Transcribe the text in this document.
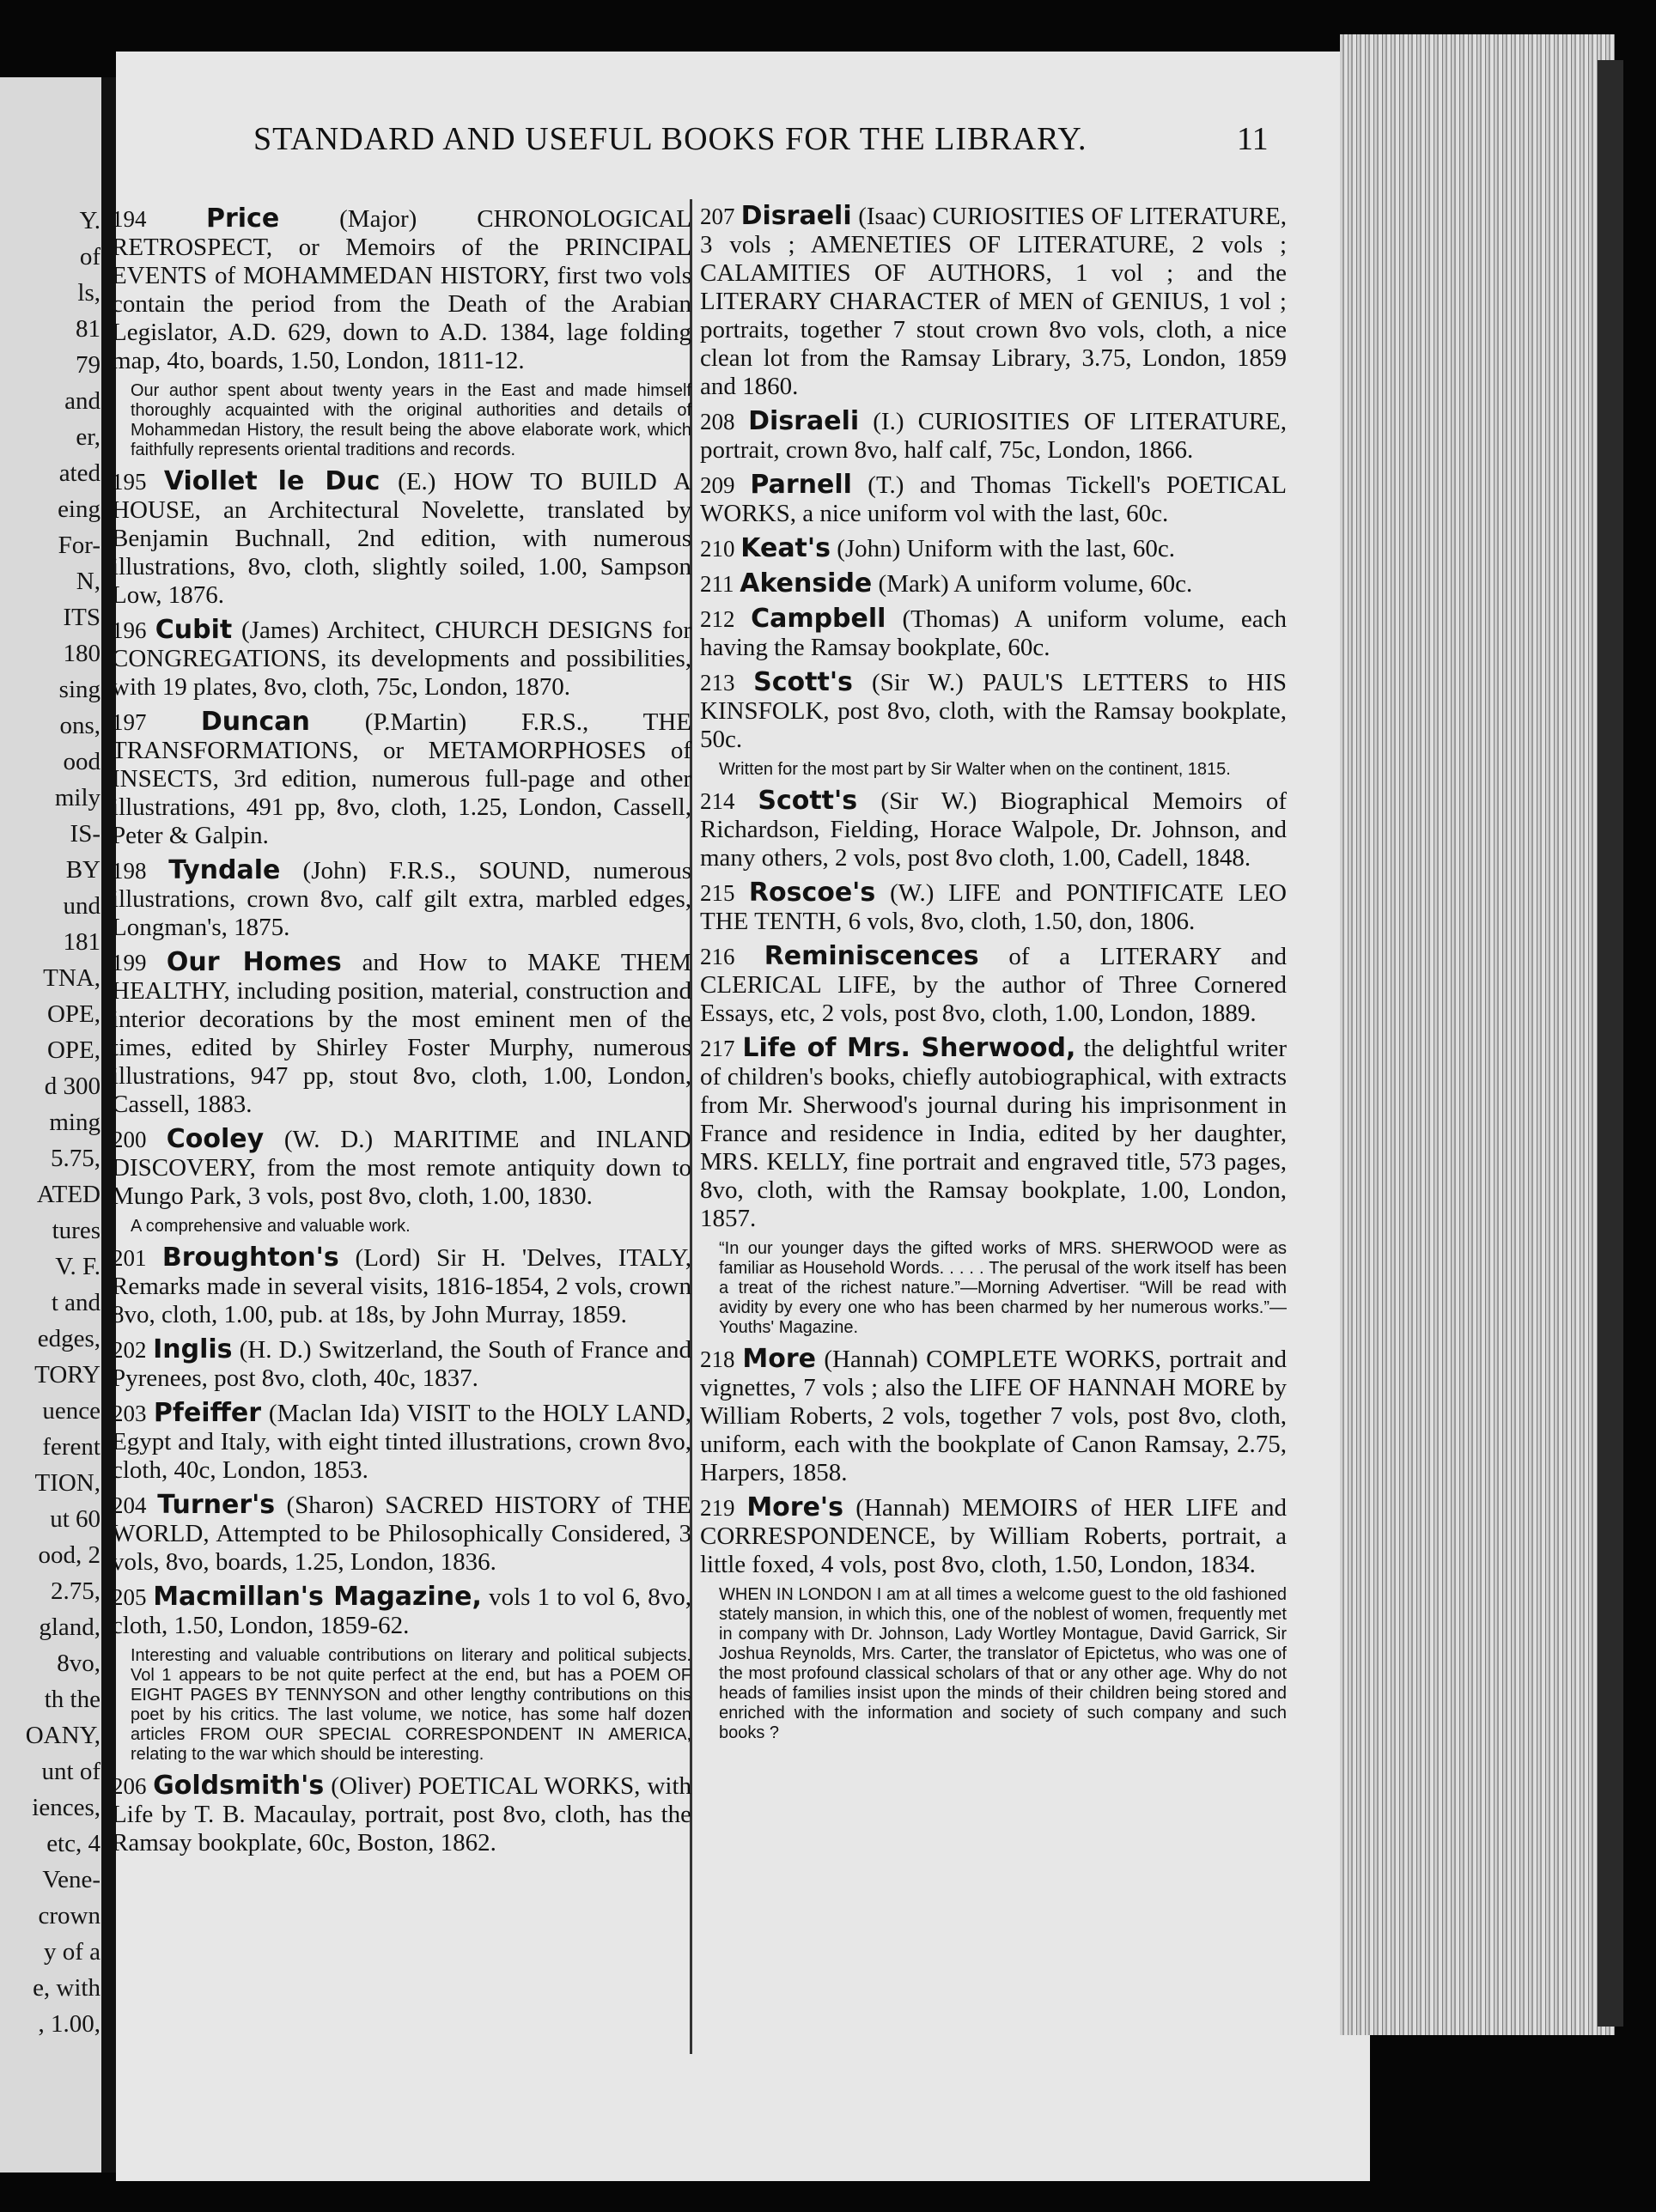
Y.
of
ls,
81
79
and
er,
ated
eing
For-
N,
ITS
180
sing
ons,
ood
mily
IS-
BY
und
181
TNA,
OPE,
OPE,
d 300
ming
5.75,
ATED
tures
V. F.
t and
edges,
TORY
uence
ferent
TION,
ut 60
ood, 2
2.75,
gland,
8vo,
th the
OANY,
unt of
iences,
etc, 4
Vene-
crown
y of a
e, with
, 1.00,
STANDARD AND USEFUL BOOKS FOR THE LIBRARY.	11

194 Price (Major) CHRONOLOGICAL RETROSPECT, or Memoirs of the PRINCIPAL EVENTS of MOHAMMEDAN HISTORY, first two vols contain the period from the Death of the Arabian Legislator, A.D. 629, down to A.D. 1384, lage folding map, 4to, boards, 1.50, London, 1811-12.

Our author spent about twenty years in the East and made himself thoroughly acquainted with the original authorities and details of Mohammedan History, the result being the above elaborate work, which faithfully represents oriental traditions and records.

195 Viollet le Duc (E.) HOW TO BUILD A HOUSE, an Architectural Novelette, translated by Benjamin Buchnall, 2nd edition, with numerous illustrations, 8vo, cloth, slightly soiled, 1.00, Sampson Low, 1876.

196 Cubit (James) Architect, CHURCH DESIGNS for CONGREGATIONS, its developments and possibilities, with 19 plates, 8vo, cloth, 75c, London, 1870.

197 Duncan (P.Martin) F.R.S., THE TRANSFORMATIONS, or METAMORPHOSES of INSECTS, 3rd edition, numerous full-page and other illustrations, 491 pp, 8vo, cloth, 1.25, London, Cassell, Peter & Galpin.

198 Tyndale (John) F.R.S., SOUND, numerous illustrations, crown 8vo, calf gilt extra, marbled edges, Longman's, 1875.

199 Our Homes and How to MAKE THEM HEALTHY, including position, material, construction and interior decorations by the most eminent men of the times, edited by Shirley Foster Murphy, numerous illustrations, 947 pp, stout 8vo, cloth, 1.00, London, Cassell, 1883.

200 Cooley (W. D.) MARITIME and INLAND DISCOVERY, from the most remote antiquity down to Mungo Park, 3 vols, post 8vo, cloth, 1.00, 1830.

A comprehensive and valuable work.

201 Broughton's (Lord) Sir H. 'Delves, ITALY, Remarks made in several visits, 1816-1854, 2 vols, crown 8vo, cloth, 1.00, pub. at 18s, by John Murray, 1859.

202 Inglis (H. D.) Switzerland, the South of France and Pyrenees, post 8vo, cloth, 40c, 1837.

203 Pfeiffer (Maclan Ida) VISIT to the HOLY LAND, Egypt and Italy, with eight tinted illustrations, crown 8vo, cloth, 40c, London, 1853.

204 Turner's (Sharon) SACRED HISTORY of THE WORLD, Attempted to be Philosophically Considered, 3 vols, 8vo, boards, 1.25, London, 1836.

205 Macmillan's Magazine, vols 1 to vol 6, 8vo, cloth, 1.50, London, 1859-62.

Interesting and valuable contributions on literary and political subjects. Vol 1 appears to be not quite perfect at the end, but has a POEM OF EIGHT PAGES BY TENNYSON and other lengthy contributions on this poet by his critics. The last volume, we notice, has some half dozen articles FROM OUR SPECIAL CORRESPONDENT IN AMERICA, relating to the war which should be interesting.

206 Goldsmith's (Oliver) POETICAL WORKS, with Life by T. B. Macaulay, portrait, post 8vo, cloth, has the Ramsay bookplate, 60c, Boston, 1862.

207 Disraeli (Isaac) CURIOSITIES OF LITERATURE, 3 vols ; AMENETIES OF LITERATURE, 2 vols ; CALAMITIES OF AUTHORS, 1 vol ; and the LITERARY CHARACTER of MEN of GENIUS, 1 vol ; portraits, together 7 stout crown 8vo vols, cloth, a nice clean lot from the Ramsay Library, 3.75, London, 1859 and 1860.

208 Disraeli (I.) CURIOSITIES OF LITERATURE, portrait, crown 8vo, half calf, 75c, London, 1866.

209 Parnell (T.) and Thomas Tickell's POETICAL WORKS, a nice uniform vol with the last, 60c.

210 Keat's (John) Uniform with the last, 60c.

211 Akenside (Mark) A uniform volume, 60c.

212 Campbell (Thomas) A uniform volume, each having the Ramsay bookplate, 60c.

213 Scott's (Sir W.) PAUL'S LETTERS to HIS KINSFOLK, post 8vo, cloth, with the Ramsay bookplate, 50c.

Written for the most part by Sir Walter when on the continent, 1815.

214 Scott's (Sir W.) Biographical Memoirs of Richardson, Fielding, Horace Walpole, Dr. Johnson, and many others, 2 vols, post 8vo cloth, 1.00, Cadell, 1848.

215 Roscoe's (W.) LIFE and PONTIFICATE LEO THE TENTH, 6 vols, 8vo, cloth, 1.50, don, 1806.

216 Reminiscences of a LITERARY and CLERICAL LIFE, by the author of Three Cornered Essays, etc, 2 vols, post 8vo, cloth, 1.00, London, 1889.

217 Life of Mrs. Sherwood, the delightful writer of children's books, chiefly autobiographical, with extracts from Mr. Sherwood's journal during his imprisonment in France and residence in India, edited by her daughter, MRS. KELLY, fine portrait and engraved title, 573 pages, 8vo, cloth, with the Ramsay bookplate, 1.00, London, 1857.

“In our younger days the gifted works of MRS. SHERWOOD were as familiar as Household Words. . . . . The perusal of the work itself has been a treat of the richest nature.”—Morning Advertiser. “Will be read with avidity by every one who has been charmed by her numerous works.”—Youths' Magazine.

218 More (Hannah) COMPLETE WORKS, portrait and vignettes, 7 vols ; also the LIFE OF HANNAH MORE by William Roberts, 2 vols, together 7 vols, post 8vo, cloth, uniform, each with the bookplate of Canon Ramsay, 2.75, Harpers, 1858.

219 More's (Hannah) MEMOIRS of HER LIFE and CORRESPONDENCE, by William Roberts, portrait, a little foxed, 4 vols, post 8vo, cloth, 1.50, London, 1834.

WHEN IN LONDON I am at all times a welcome guest to the old fashioned stately mansion, in which this, one of the noblest of women, frequently met in company with Dr. Johnson, Lady Wortley Montague, David Garrick, Sir Joshua Reynolds, Mrs. Carter, the translator of Epictetus, who was one of the most profound classical scholars of that or any other age. Why do not heads of families insist upon the minds of their children being stored and enriched with the information and society of such company and such books ?
